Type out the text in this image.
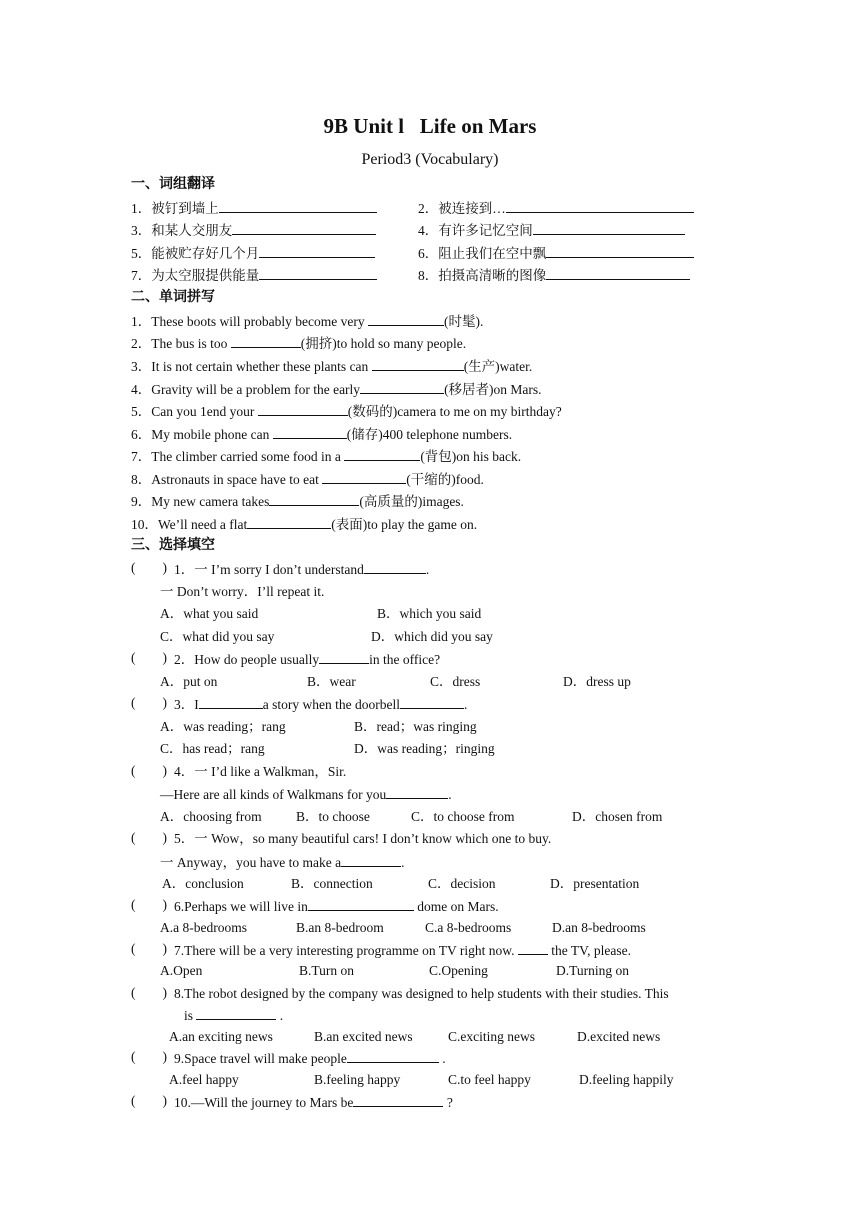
9B Unit l   Life on Mars
Period3 (Vocabulary)
一、词组翻译
1．被钉到墙上	2．被连接到…
3．和某人交朋友	4．有许多记忆空间
5．能被贮存好几个月	6．阻止我们在空中飘
7．为太空服提供能量	8．拍摄高清晰的图像
二、单词拼写
1．These boots will probably become very	(时髦).
2．The bus is too	(拥挤)to hold so many people.
3．It is not certain whether these plants can	(生产)water.
4．Gravity will be a problem for the early	(移居者)on Mars.
5．Can you 1end your	(数码的)camera to me on my birthday?
6．My mobile phone can	(储存)400 telephone numbers.
7．The climber carried some food in a	(背包)on his back.
8．Astronauts in space have to eat	(干缩的)food.
9．My new camera takes	(高质量的)images.
10．We’ll need a flat	(表面)to play the game on.
三、选择填空
(        ) 1．一 I’m sorry I don’t understand	.
一 Don’t worry．I’ll repeat it.
A．what you said	B．which you said
C．what did you say	D．which did you say
(        ) 2．How do people usually	in the office?
A．put on	B．wear	C．dress	D．dress up
(        ) 3．I	a story when the doorbell	.
A．was reading；rang	B．read；was ringing
C．has read；rang	D．was reading；ringing
(        ) 4．一 I’d like a Walkman，Sir.
—Here are all kinds of Walkmans for you	.
A．choosing from	B．to choose	C．to choose from	D．chosen from
(        ) 5．一 Wow，so many beautiful cars! I don’t know which one to buy.
一 Anyway，you have to make a	.
A．conclusion	B．connection	C．decision	D．presentation
(        ) 6.Perhaps we will live in	dome on Mars.
A.a 8-bedrooms	B.an 8-bedroom	C.a 8-bedrooms	D.an 8-bedrooms
(        ) 7.There will be a very interesting programme on TV right now.  the TV, please.
A.Open	B.Turn on	C.Opening	D.Turning on
(        ) 8.The robot designed by the company was designed to help students with their studies. This
is	.
A.an exciting news	B.an excited news	C.exciting news	D.excited news
(        ) 9.Space travel will make people	.
A.feel happy	B.feeling happy	C.to feel happy	D.feeling happily
(        ) 10.—Will the journey to Mars be	?
